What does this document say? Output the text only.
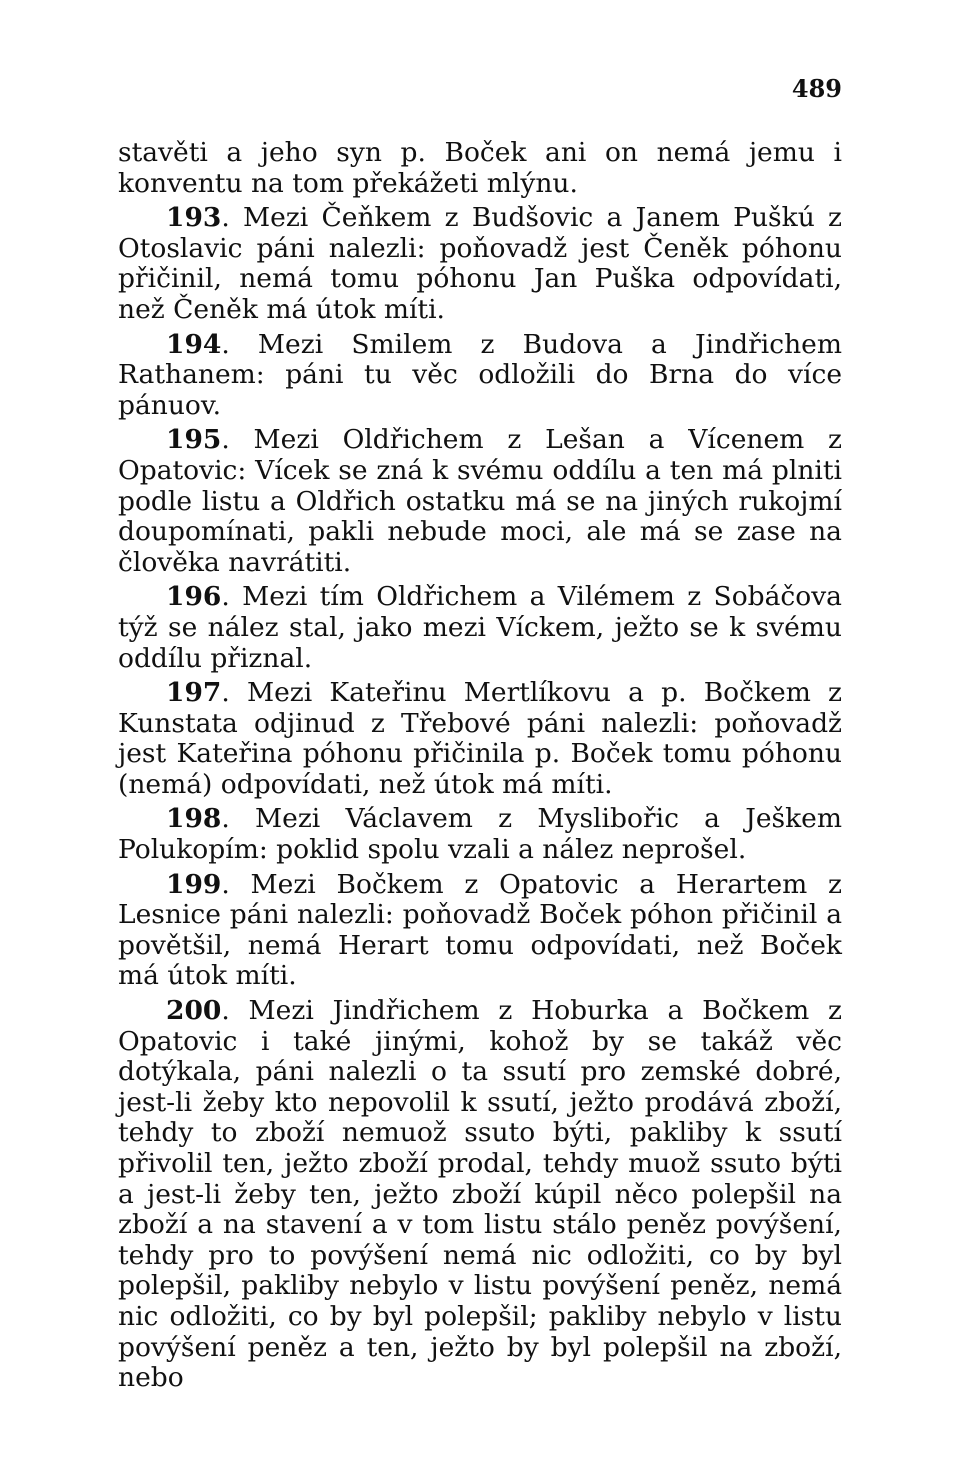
489

stavěti a jeho syn p. Boček ani on nemá jemu i konventu na tom překážeti mlýnu.

193. Mezi Čeňkem z Budšovic a Janem Puškú z Otoslavic páni nalezli: poňovadž jest Čeněk póhonu přičinil, nemá tomu póhonu Jan Puška odpovídati, než Čeněk má útok míti.

194. Mezi Smilem z Budova a Jindřichem Rathanem: páni tu věc odložili do Brna do více pánuov.

195. Mezi Oldřichem z Lešan a Vícenem z Opatovic: Vícek se zná k svému oddílu a ten má plniti podle listu a Oldřich ostatku má se na jiných rukojmí doupomínati, pakli nebude moci, ale má se zase na člověka navrátiti.

196. Mezi tím Oldřichem a Vilémem z Sobáčova týž se nález stal, jako mezi Víckem, ježto se k svému oddílu přiznal.

197. Mezi Kateřinu Mertlíkovu a p. Bočkem z Kunstata odjinud z Třebové páni nalezli: poňovadž jest Kateřina póhonu přičinila p. Boček tomu póhonu (nemá) odpovídati, než útok má míti.

198. Mezi Václavem z Myslibořic a Ješkem Polukopím: poklid spolu vzali a nález neprošel.

199. Mezi Bočkem z Opatovic a Herartem z Lesnice páni nalezli: poňovadž Boček póhon přičinil a povětšil, nemá Herart tomu odpovídati, než Boček má útok míti.

200. Mezi Jindřichem z Hoburka a Bočkem z Opatovic i také jinými, kohož by se takáž věc dotýkala, páni nalezli o ta ssutí pro zemské dobré, jest-li žeby kto nepovolil k ssutí, ježto prodává zboží, tehdy to zboží nemuož ssuto býti, pakliby k ssutí přivolil ten, ježto zboží prodal, tehdy muož ssuto býti a jest-li žeby ten, ježto zboží kúpil něco polepšil na zboží a na stavení a v tom listu stálo peněz povýšení, tehdy pro to povýšení nemá nic odložiti, co by byl polepšil, pakliby nebylo v listu povýšení peněz, nemá nic odložiti, co by byl polepšil; pakliby nebylo v listu povýšení peněz a ten, ježto by byl polepšil na zboží, nebo
